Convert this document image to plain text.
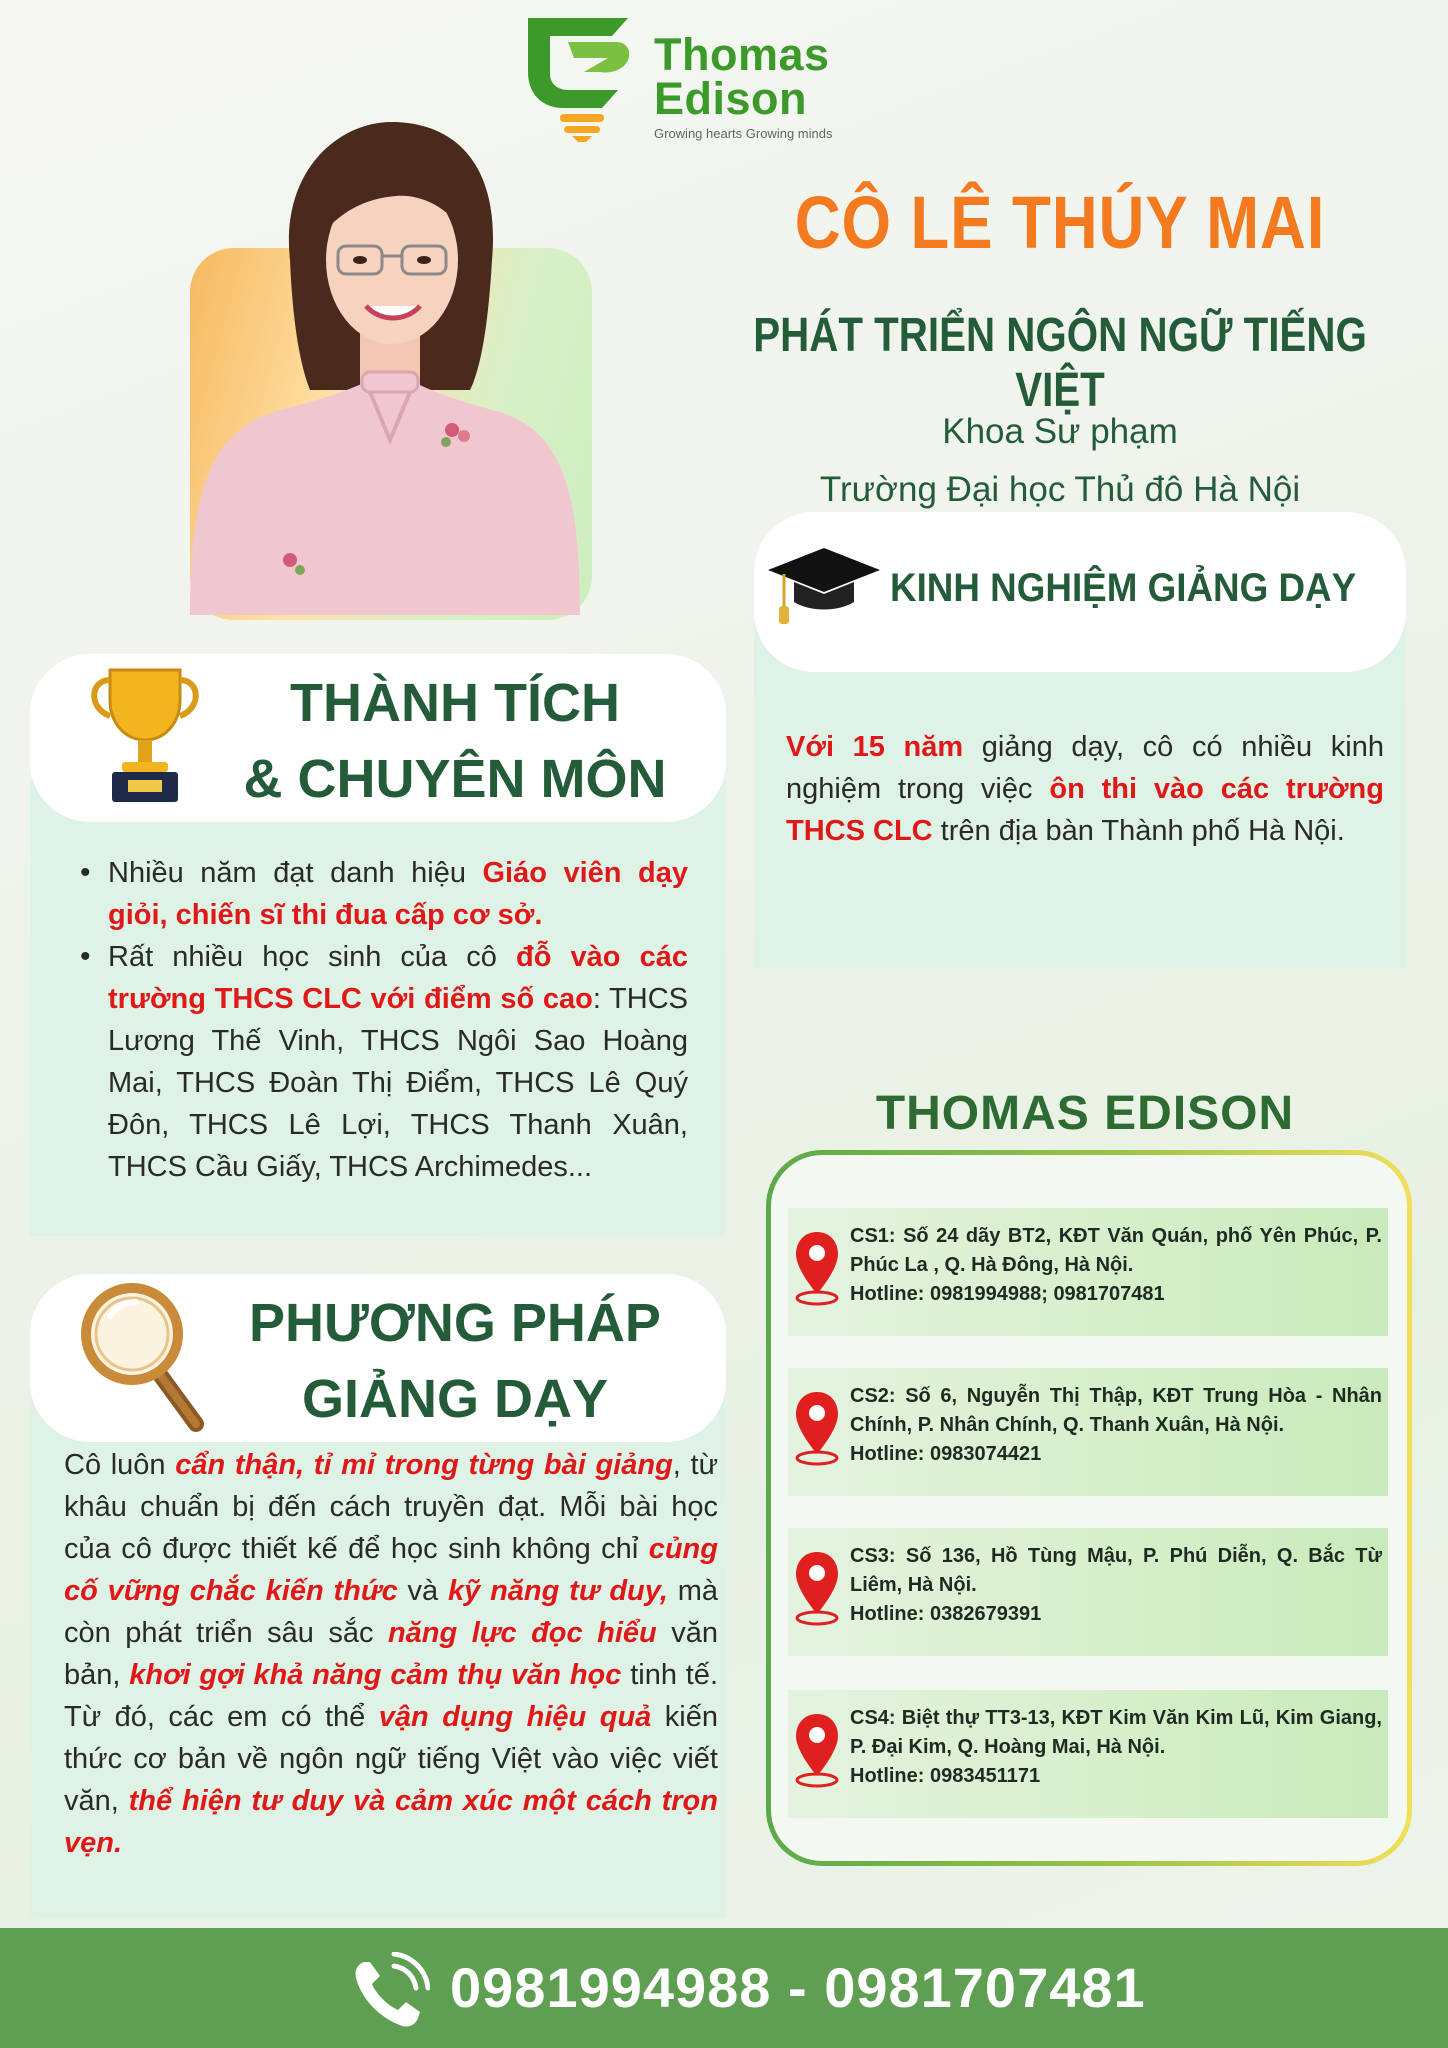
Thomas
Edison
Growing hearts Growing minds
CÔ LÊ THÚY MAI
PHÁT TRIỂN NGÔN NGỮ TIẾNG VIỆT
Khoa Sư phạm
Trường Đại học Thủ đô Hà Nội
KINH NGHIỆM GIẢNG DẠY
Với 15 năm giảng dạy, cô có nhiều kinh nghiệm trong việc ôn thi vào các trường THCS CLC trên địa bàn Thành phố Hà Nội.
THÀNH TÍCH
& CHUYÊN MÔN
• Nhiều năm đạt danh hiệu Giáo viên dạy giỏi, chiến sĩ thi đua cấp cơ sở.
• Rất nhiều học sinh của cô đỗ vào các trường THCS CLC với điểm số cao: THCS Lương Thế Vinh, THCS Ngôi Sao Hoàng Mai, THCS Đoàn Thị Điểm, THCS Lê Quý Đôn, THCS Lê Lợi, THCS Thanh Xuân, THCS Cầu Giấy, THCS Archimedes...
PHƯƠNG PHÁP
GIẢNG DẠY
Cô luôn cẩn thận, tỉ mỉ trong từng bài giảng, từ khâu chuẩn bị đến cách truyền đạt. Mỗi bài học của cô được thiết kế để học sinh không chỉ củng cố vững chắc kiến thức và kỹ năng tư duy, mà còn phát triển sâu sắc năng lực đọc hiểu văn bản, khơi gợi khả năng cảm thụ văn học tinh tế. Từ đó, các em có thể vận dụng hiệu quả kiến thức cơ bản về ngôn ngữ tiếng Việt vào việc viết văn, thể hiện tư duy và cảm xúc một cách trọn vẹn.
THOMAS EDISON
CS1: Số 24 dãy BT2, KĐT Văn Quán, phố Yên Phúc, P. Phúc La , Q. Hà Đông, Hà Nội.
Hotline: 0981994988; 0981707481
CS2: Số 6, Nguyễn Thị Thập, KĐT Trung Hòa - Nhân Chính, P. Nhân Chính, Q. Thanh Xuân, Hà Nội.
Hotline: 0983074421
CS3: Số 136, Hồ Tùng Mậu, P. Phú Diễn, Q. Bắc Từ Liêm, Hà Nội.
Hotline: 0382679391
CS4: Biệt thự TT3-13, KĐT Kim Văn Kim Lũ, Kim Giang, P. Đại Kim, Q. Hoàng Mai, Hà Nội.
Hotline: 0983451171
0981994988 - 0981707481
